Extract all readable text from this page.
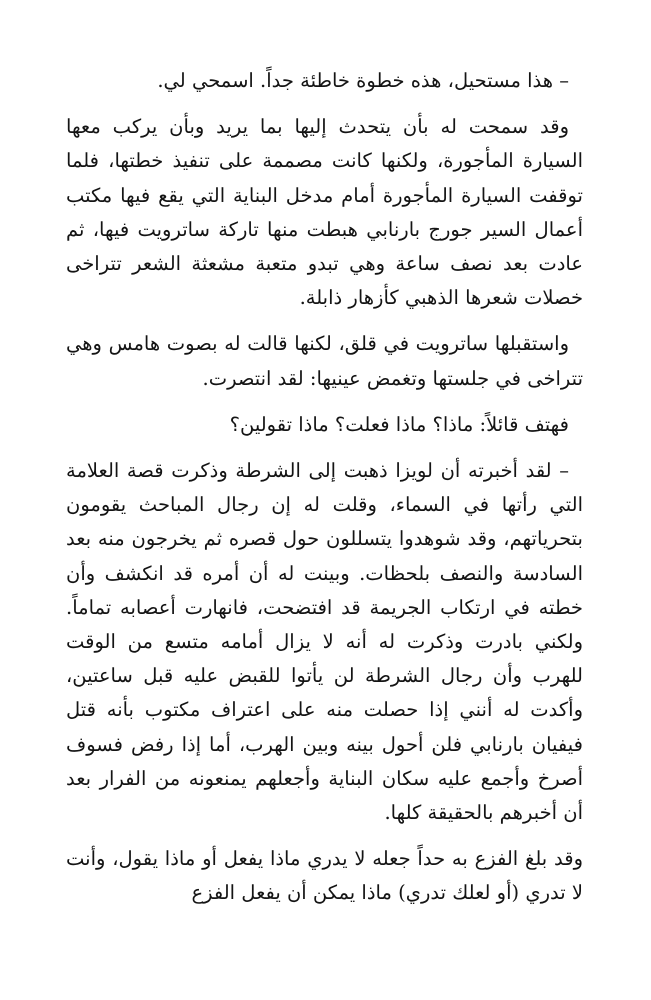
– هذا مستحيل، هذه خطوة خاطئة جداً. اسمحي لي.

وقد سمحت له بأن يتحدث إليها بما يريد وبأن يركب معها السيارة المأجورة، ولكنها كانت مصممة على تنفيذ خطتها، فلما توقفت السيارة المأجورة أمام مدخل البناية التي يقع فيها مكتب أعمال السير جورج بارنابي هبطت منها تاركة ساترويت فيها، ثم عادت بعد نصف ساعة وهي تبدو متعبة مشعثة الشعر تتراخى خصلات شعرها الذهبي كأزهار ذابلة.

واستقبلها ساترويت في قلق، لكنها قالت له بصوت هامس وهي تتراخى في جلستها وتغمض عينيها: لقد انتصرت.

فهتف قائلاً: ماذا؟ ماذا فعلت؟ ماذا تقولين؟

– لقد أخبرته أن لويزا ذهبت إلى الشرطة وذكرت قصة العلامة التي رأتها في السماء، وقلت له إن رجال المباحث يقومون بتحرياتهم، وقد شوهدوا يتسللون حول قصره ثم يخرجون منه بعد السادسة والنصف بلحظات. وبينت له أن أمره قد انكشف وأن خطته في ارتكاب الجريمة قد افتضحت، فانهارت أعصابه تماماً. ولكني بادرت وذكرت له أنه لا يزال أمامه متسع من الوقت للهرب وأن رجال الشرطة لن يأتوا للقبض عليه قبل ساعتين، وأكدت له أنني إذا حصلت منه على اعتراف مكتوب بأنه قتل فيفيان بارنابي فلن أحول بينه وبين الهرب، أما إذا رفض فسوف أصرخ وأجمع عليه سكان البناية وأجعلهم يمنعونه من الفرار بعد أن أخبرهم بالحقيقة كلها.

وقد بلغ الفزع به حداً جعله لا يدري ماذا يفعل أو ماذا يقول، وأنت لا تدري (أو لعلك تدري) ماذا يمكن أن يفعل الفزع
